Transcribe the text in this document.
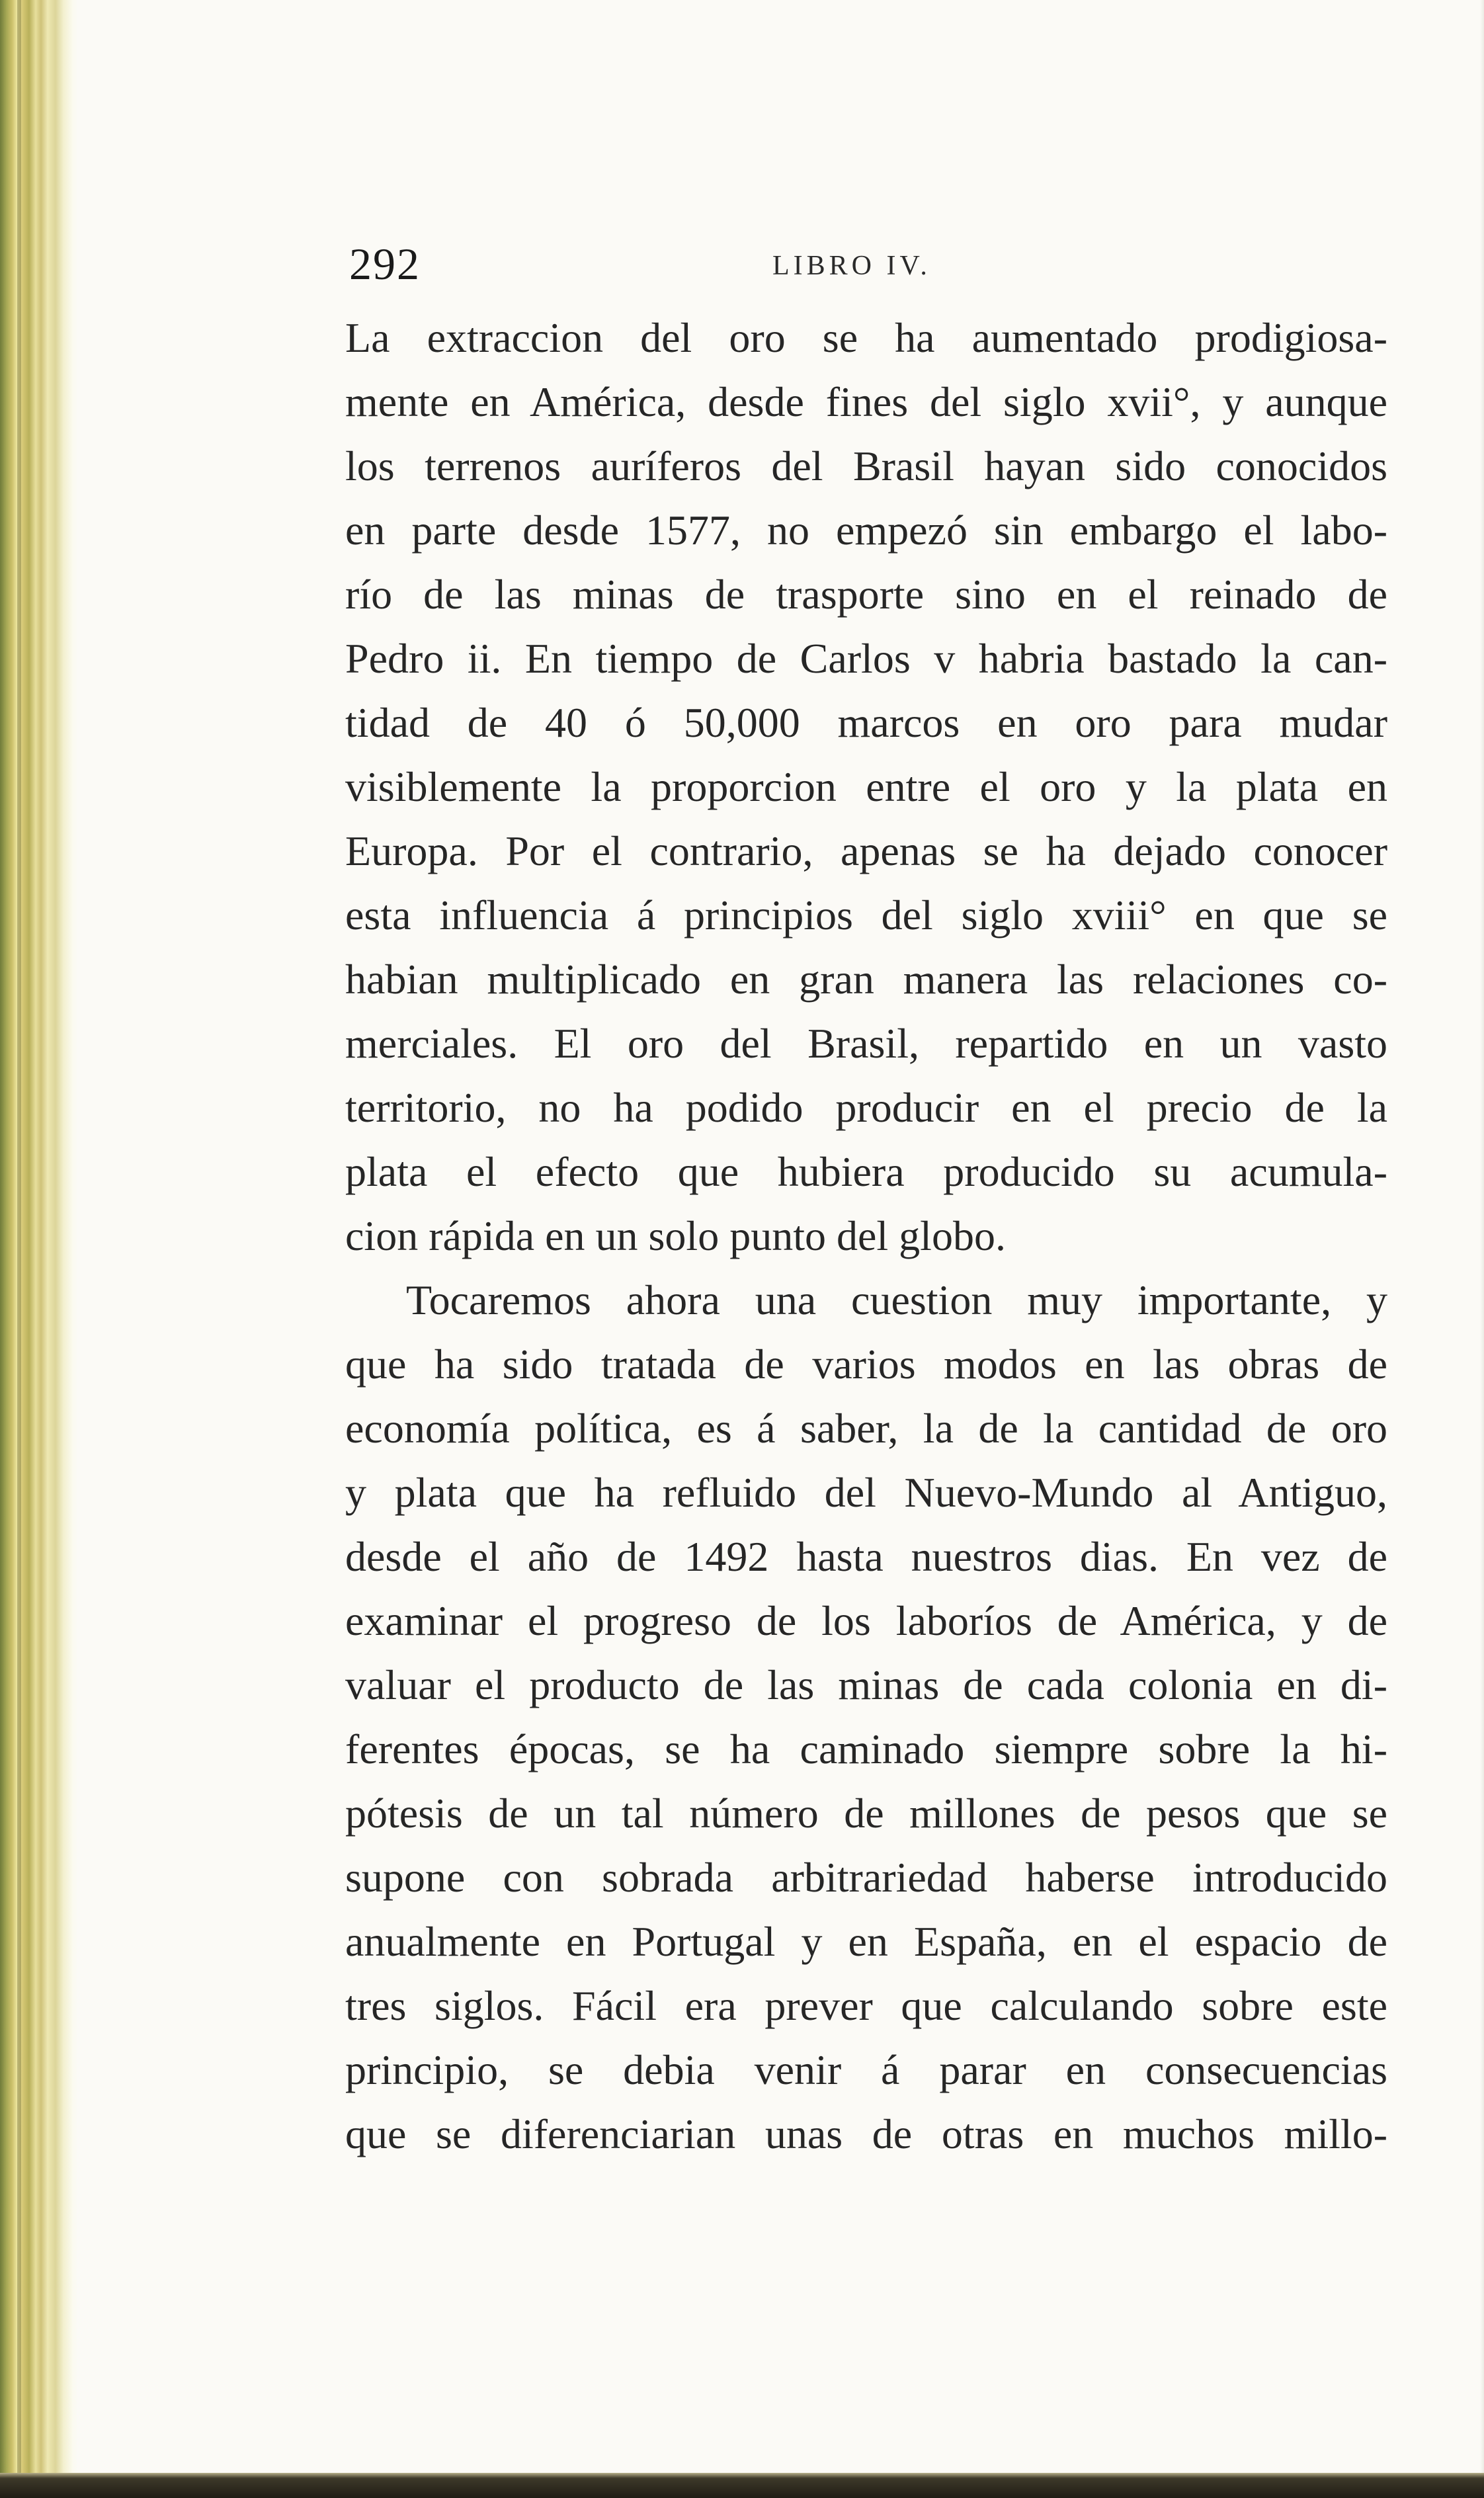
292	LIBRO IV.
La extraccion del oro se ha aumentado prodigiosa-
mente en América, desde fines del siglo xvii°, y aunque
los terrenos auríferos del Brasil hayan sido conocidos
en parte desde 1577, no empezó sin embargo el labo-
río de las minas de trasporte sino en el reinado de
Pedro ii. En tiempo de Carlos v habria bastado la can-
tidad de 40 ó 50,000 marcos en oro para mudar
visiblemente la proporcion entre el oro y la plata en
Europa. Por el contrario, apenas se ha dejado conocer
esta influencia á principios del siglo xviii° en que se
habian multiplicado en gran manera las relaciones co-
merciales. El oro del Brasil, repartido en un vasto
territorio, no ha podido producir en el precio de la
plata el efecto que hubiera producido su acumula-
cion rápida en un solo punto del globo.
Tocaremos ahora una cuestion muy importante, y
que ha sido tratada de varios modos en las obras de
economía política, es á saber, la de la cantidad de oro
y plata que ha refluido del Nuevo-Mundo al Antiguo,
desde el año de 1492 hasta nuestros dias. En vez de
examinar el progreso de los laboríos de América, y de
valuar el producto de las minas de cada colonia en di-
ferentes épocas, se ha caminado siempre sobre la hi-
pótesis de un tal número de millones de pesos que se
supone con sobrada arbitrariedad haberse introducido
anualmente en Portugal y en España, en el espacio de
tres siglos. Fácil era prever que calculando sobre este
principio, se debia venir á parar en consecuencias
que se diferenciarian unas de otras en muchos millo-
